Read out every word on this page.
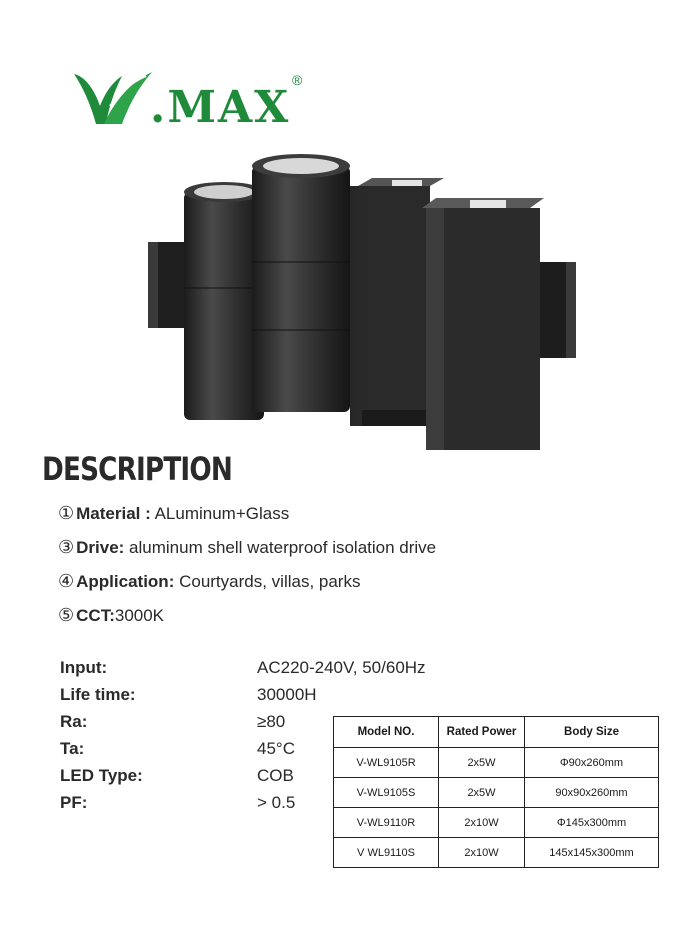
.MAX
®
DESCRIPTION
① Material : ALuminum+Glass
③ Drive: aluminum shell waterproof isolation drive
④ Application: Courtyards, villas, parks
⑤ CCT:3000K
Input:	AC220-240V, 50/60Hz
Life time:	30000H
Ra:	≥80
Ta:	45°C
LED Type:	COB
PF:	> 0.5
Model NO.	Rated Power	Body Size
V-WL9105R	2x5W	Φ90x260mm
V-WL9105S	2x5W	90x90x260mm
V-WL9110R	2x10W	Φ145x300mm
V WL9110S	2x10W	145x145x300mm
